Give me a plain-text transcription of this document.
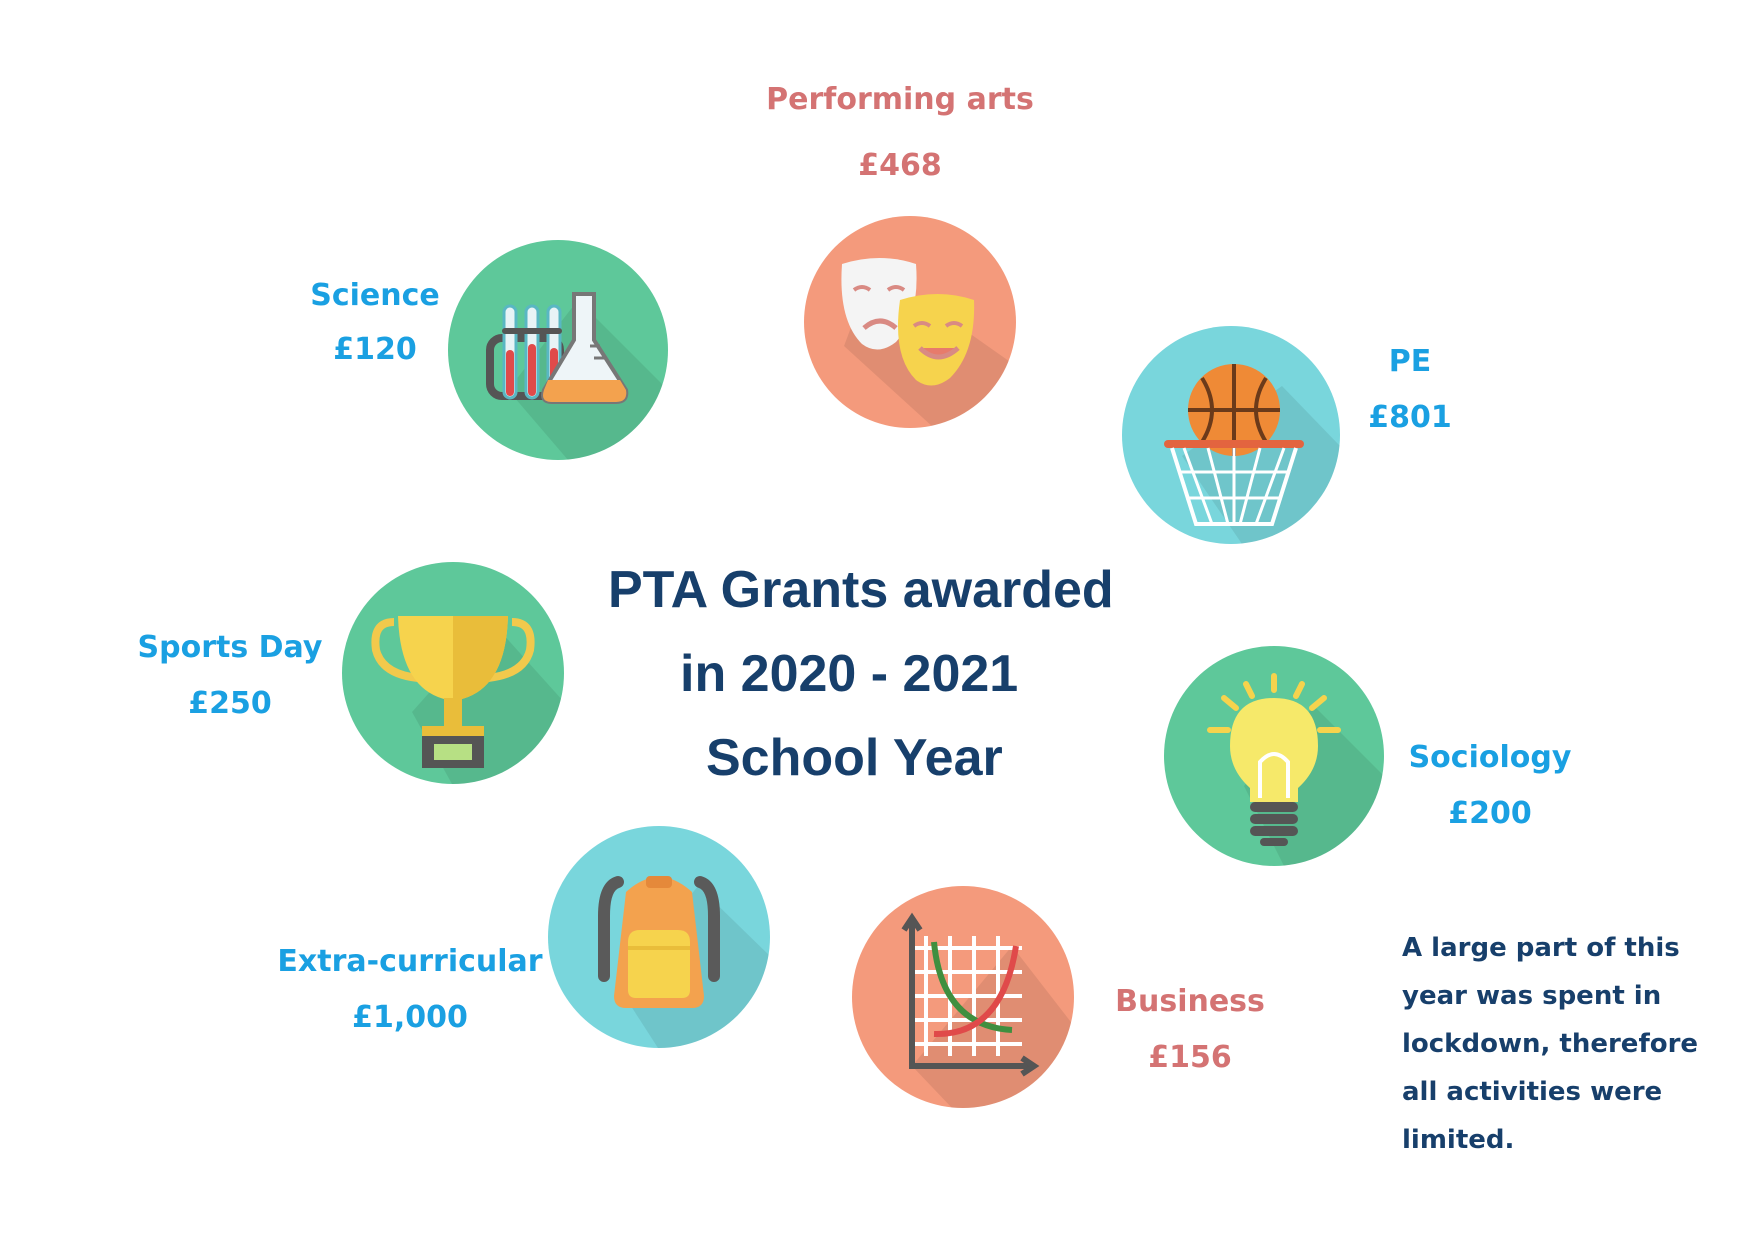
Performing arts
£468
Science
£120	PE
£801
Sports Day
£250
PTA Grants awarded
in 2020 - 2021
School Year	Sociology
£200
Extra-curricular
£1,000	Business
£156
A large part of this
year was spent in
lockdown, therefore
all activities were
limited.
